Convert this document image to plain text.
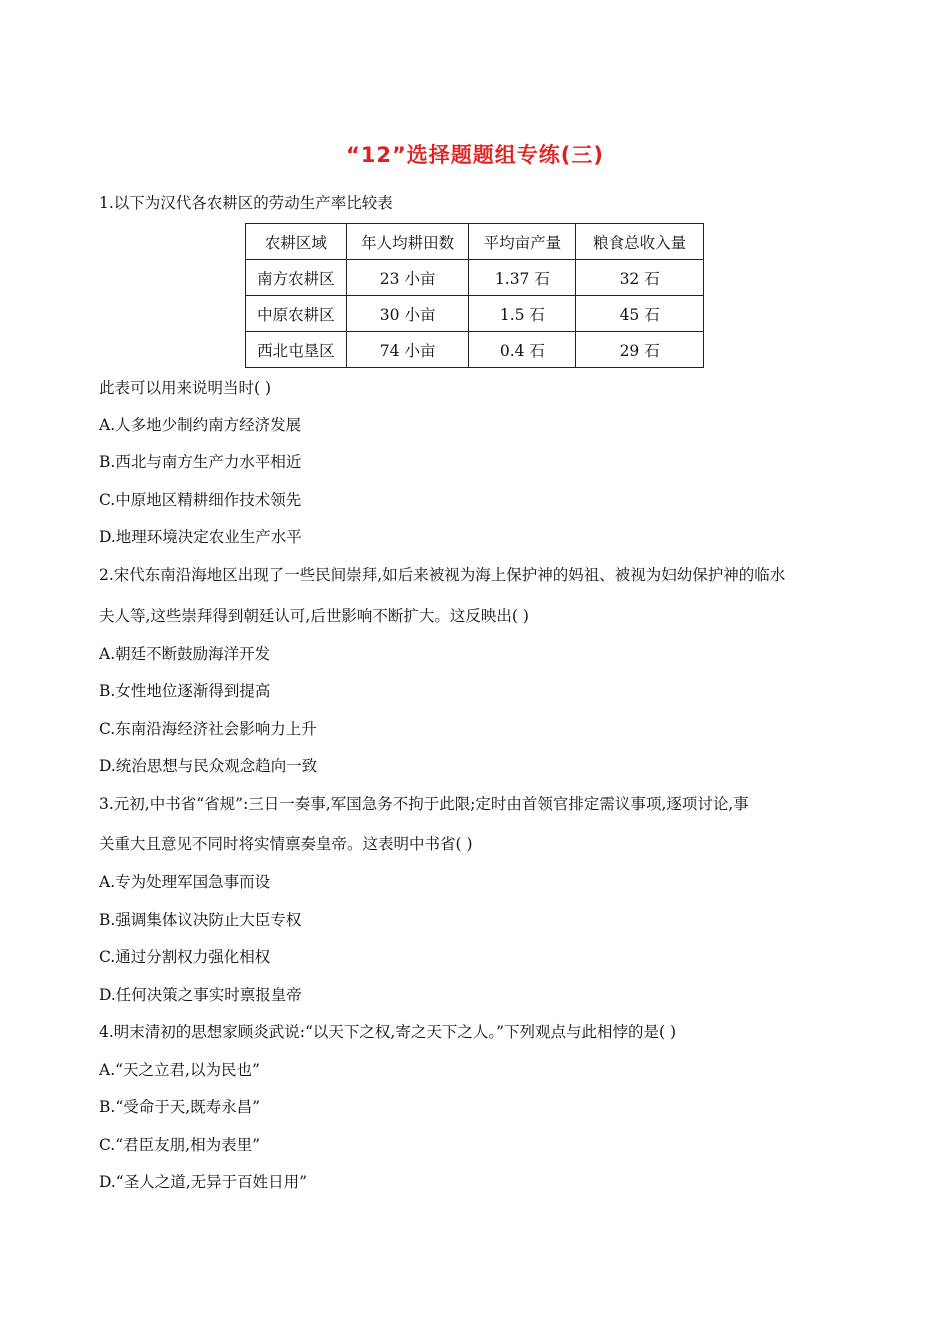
“12”选择题题组专练(三)
1.以下为汉代各农耕区的劳动生产率比较表
农耕区域	年人均耕田数	平均亩产量	粮食总收入量
南方农耕区	23 小亩	1.37 石	32 石
中原农耕区	30 小亩	1.5 石	45 石
西北屯垦区	74 小亩	0.4 石	29 石
此表可以用来说明当时( )
A.人多地少制约南方经济发展
B.西北与南方生产力水平相近
C.中原地区精耕细作技术领先
D.地理环境决定农业生产水平
2.宋代东南沿海地区出现了一些民间崇拜,如后来被视为海上保护神的妈祖、被视为妇幼保护神的临水
夫人等,这些崇拜得到朝廷认可,后世影响不断扩大。这反映出( )
A.朝廷不断鼓励海洋开发
B.女性地位逐渐得到提高
C.东南沿海经济社会影响力上升
D.统治思想与民众观念趋向一致
3.元初,中书省“省规”:三日一奏事,军国急务不拘于此限;定时由首领官排定需议事项,逐项讨论,事
关重大且意见不同时将实情禀奏皇帝。这表明中书省( )
A.专为处理军国急事而设
B.强调集体议决防止大臣专权
C.通过分割权力强化相权
D.任何决策之事实时禀报皇帝
4.明末清初的思想家顾炎武说:“以天下之权,寄之天下之人。”下列观点与此相悖的是( )
A.“天之立君,以为民也”
B.“受命于天,既寿永昌”
C.“君臣友朋,相为表里”
D.“圣人之道,无异于百姓日用”
